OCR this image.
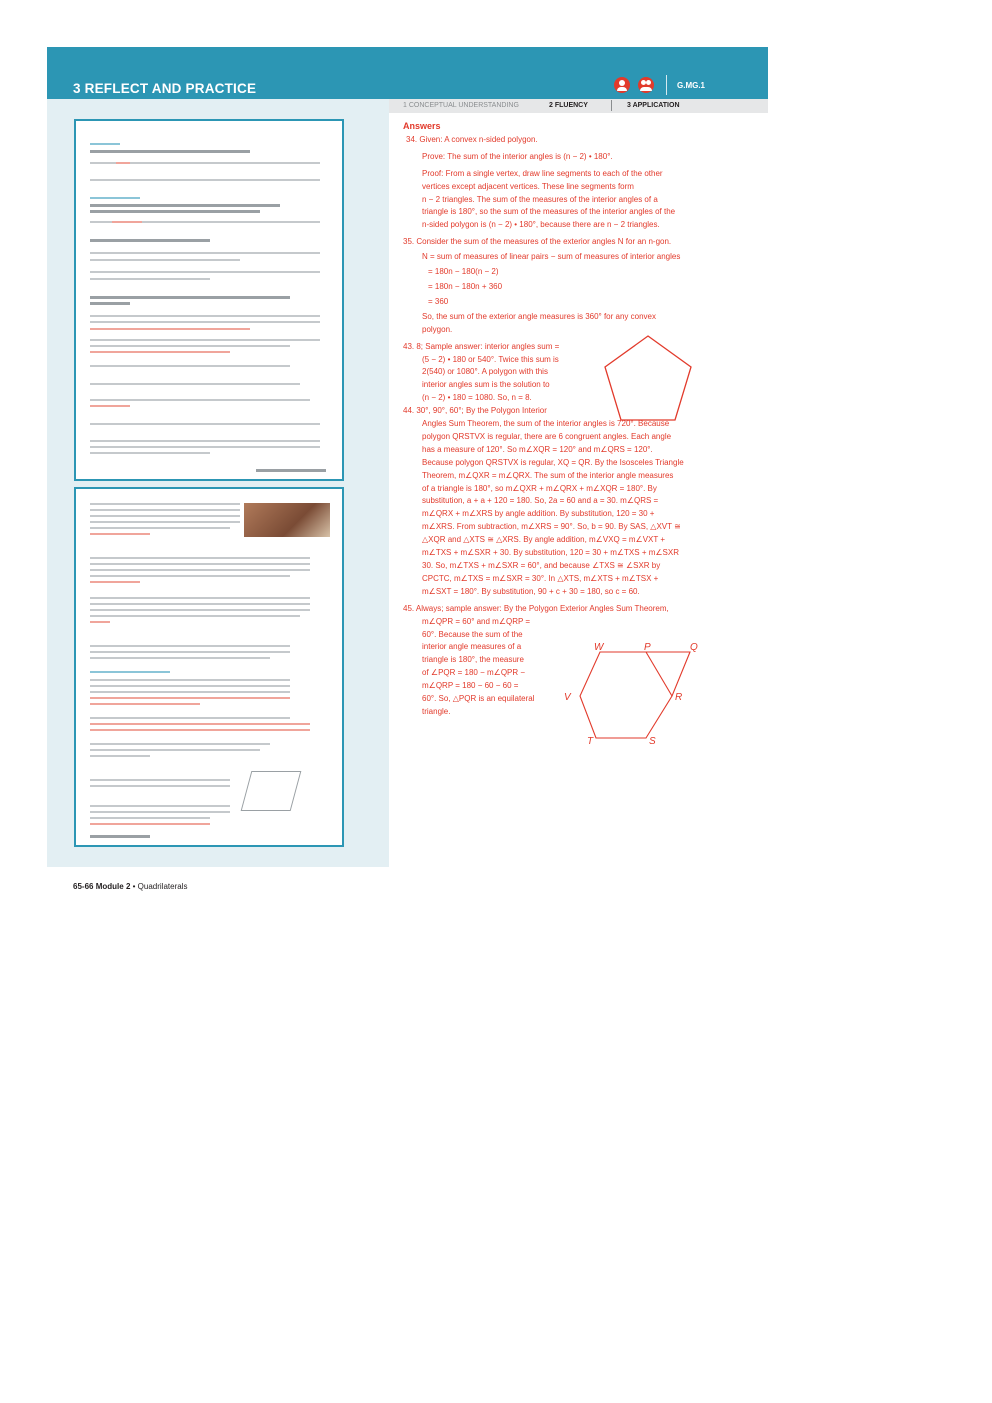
3 REFLECT AND PRACTICE	G.MG.1
1 CONCEPTUAL UNDERSTANDING	2 FLUENCY	3 APPLICATION
Answers
34. Given: A convex n-sided polygon.
Prove: The sum of the interior angles is (n − 2) • 180°.
Proof: From a single vertex, draw line segments to each of the other
vertices except adjacent vertices. These line segments form
n − 2 triangles. The sum of the measures of the interior angles of a
triangle is 180°, so the sum of the measures of the interior angles of the
n-sided polygon is (n − 2) • 180°, because there are n − 2 triangles.
35. Consider the sum of the measures of the exterior angles N for an n-gon.
N = sum of measures of linear pairs − sum of measures of interior angles
= 180n − 180(n − 2)
= 180n − 180n + 360
= 360
So, the sum of the exterior angle measures is 360° for any convex
polygon.
43. 8; Sample answer: interior angles sum =
(5 − 2) • 180 or 540°. Twice this sum is
2(540) or 1080°. A polygon with this
interior angles sum is the solution to
(n − 2) • 180 = 1080. So, n = 8.
44. 30°, 90°, 60°; By the Polygon Interior
Angles Sum Theorem, the sum of the interior angles is 720°. Because
polygon QRSTVX is regular, there are 6 congruent angles. Each angle
has a measure of 120°. So m∠XQR = 120° and m∠QRS = 120°.
Because polygon QRSTVX is regular, XQ = QR. By the Isosceles Triangle
Theorem, m∠QXR = m∠QRX. The sum of the interior angle measures
of a triangle is 180°, so m∠QXR + m∠QRX + m∠XQR = 180°. By
substitution, a + a + 120 = 180. So, 2a = 60 and a = 30. m∠QRS =
m∠QRX + m∠XRS by angle addition. By substitution, 120 = 30 +
m∠XRS. From subtraction, m∠XRS = 90°. So, b = 90. By SAS, △XVT ≅
△XQR and △XTS ≅ △XRS. By angle addition, m∠VXQ = m∠VXT +
m∠TXS + m∠SXR + 30. By substitution, 120 = 30 + m∠TXS + m∠SXR
30. So, m∠TXS + m∠SXR = 60°, and because ∠TXS ≅ ∠SXR by
CPCTC, m∠TXS = m∠SXR = 30°. In △XTS, m∠XTS + m∠TSX +
m∠SXT = 180°. By substitution, 90 + c + 30 = 180, so c = 60.
45. Always; sample answer: By the Polygon Exterior Angles Sum Theorem,
m∠QPR = 60° and m∠QRP =
60°. Because the sum of the
interior angle measures of a
triangle is 180°, the measure
of ∠PQR = 180 − m∠QPR −
m∠QRP = 180 − 60 − 60 =
60°. So, △PQR is an equilateral
triangle.
W	P	Q
R
S
T
V
65-66 Module 2 • Quadrilaterals
